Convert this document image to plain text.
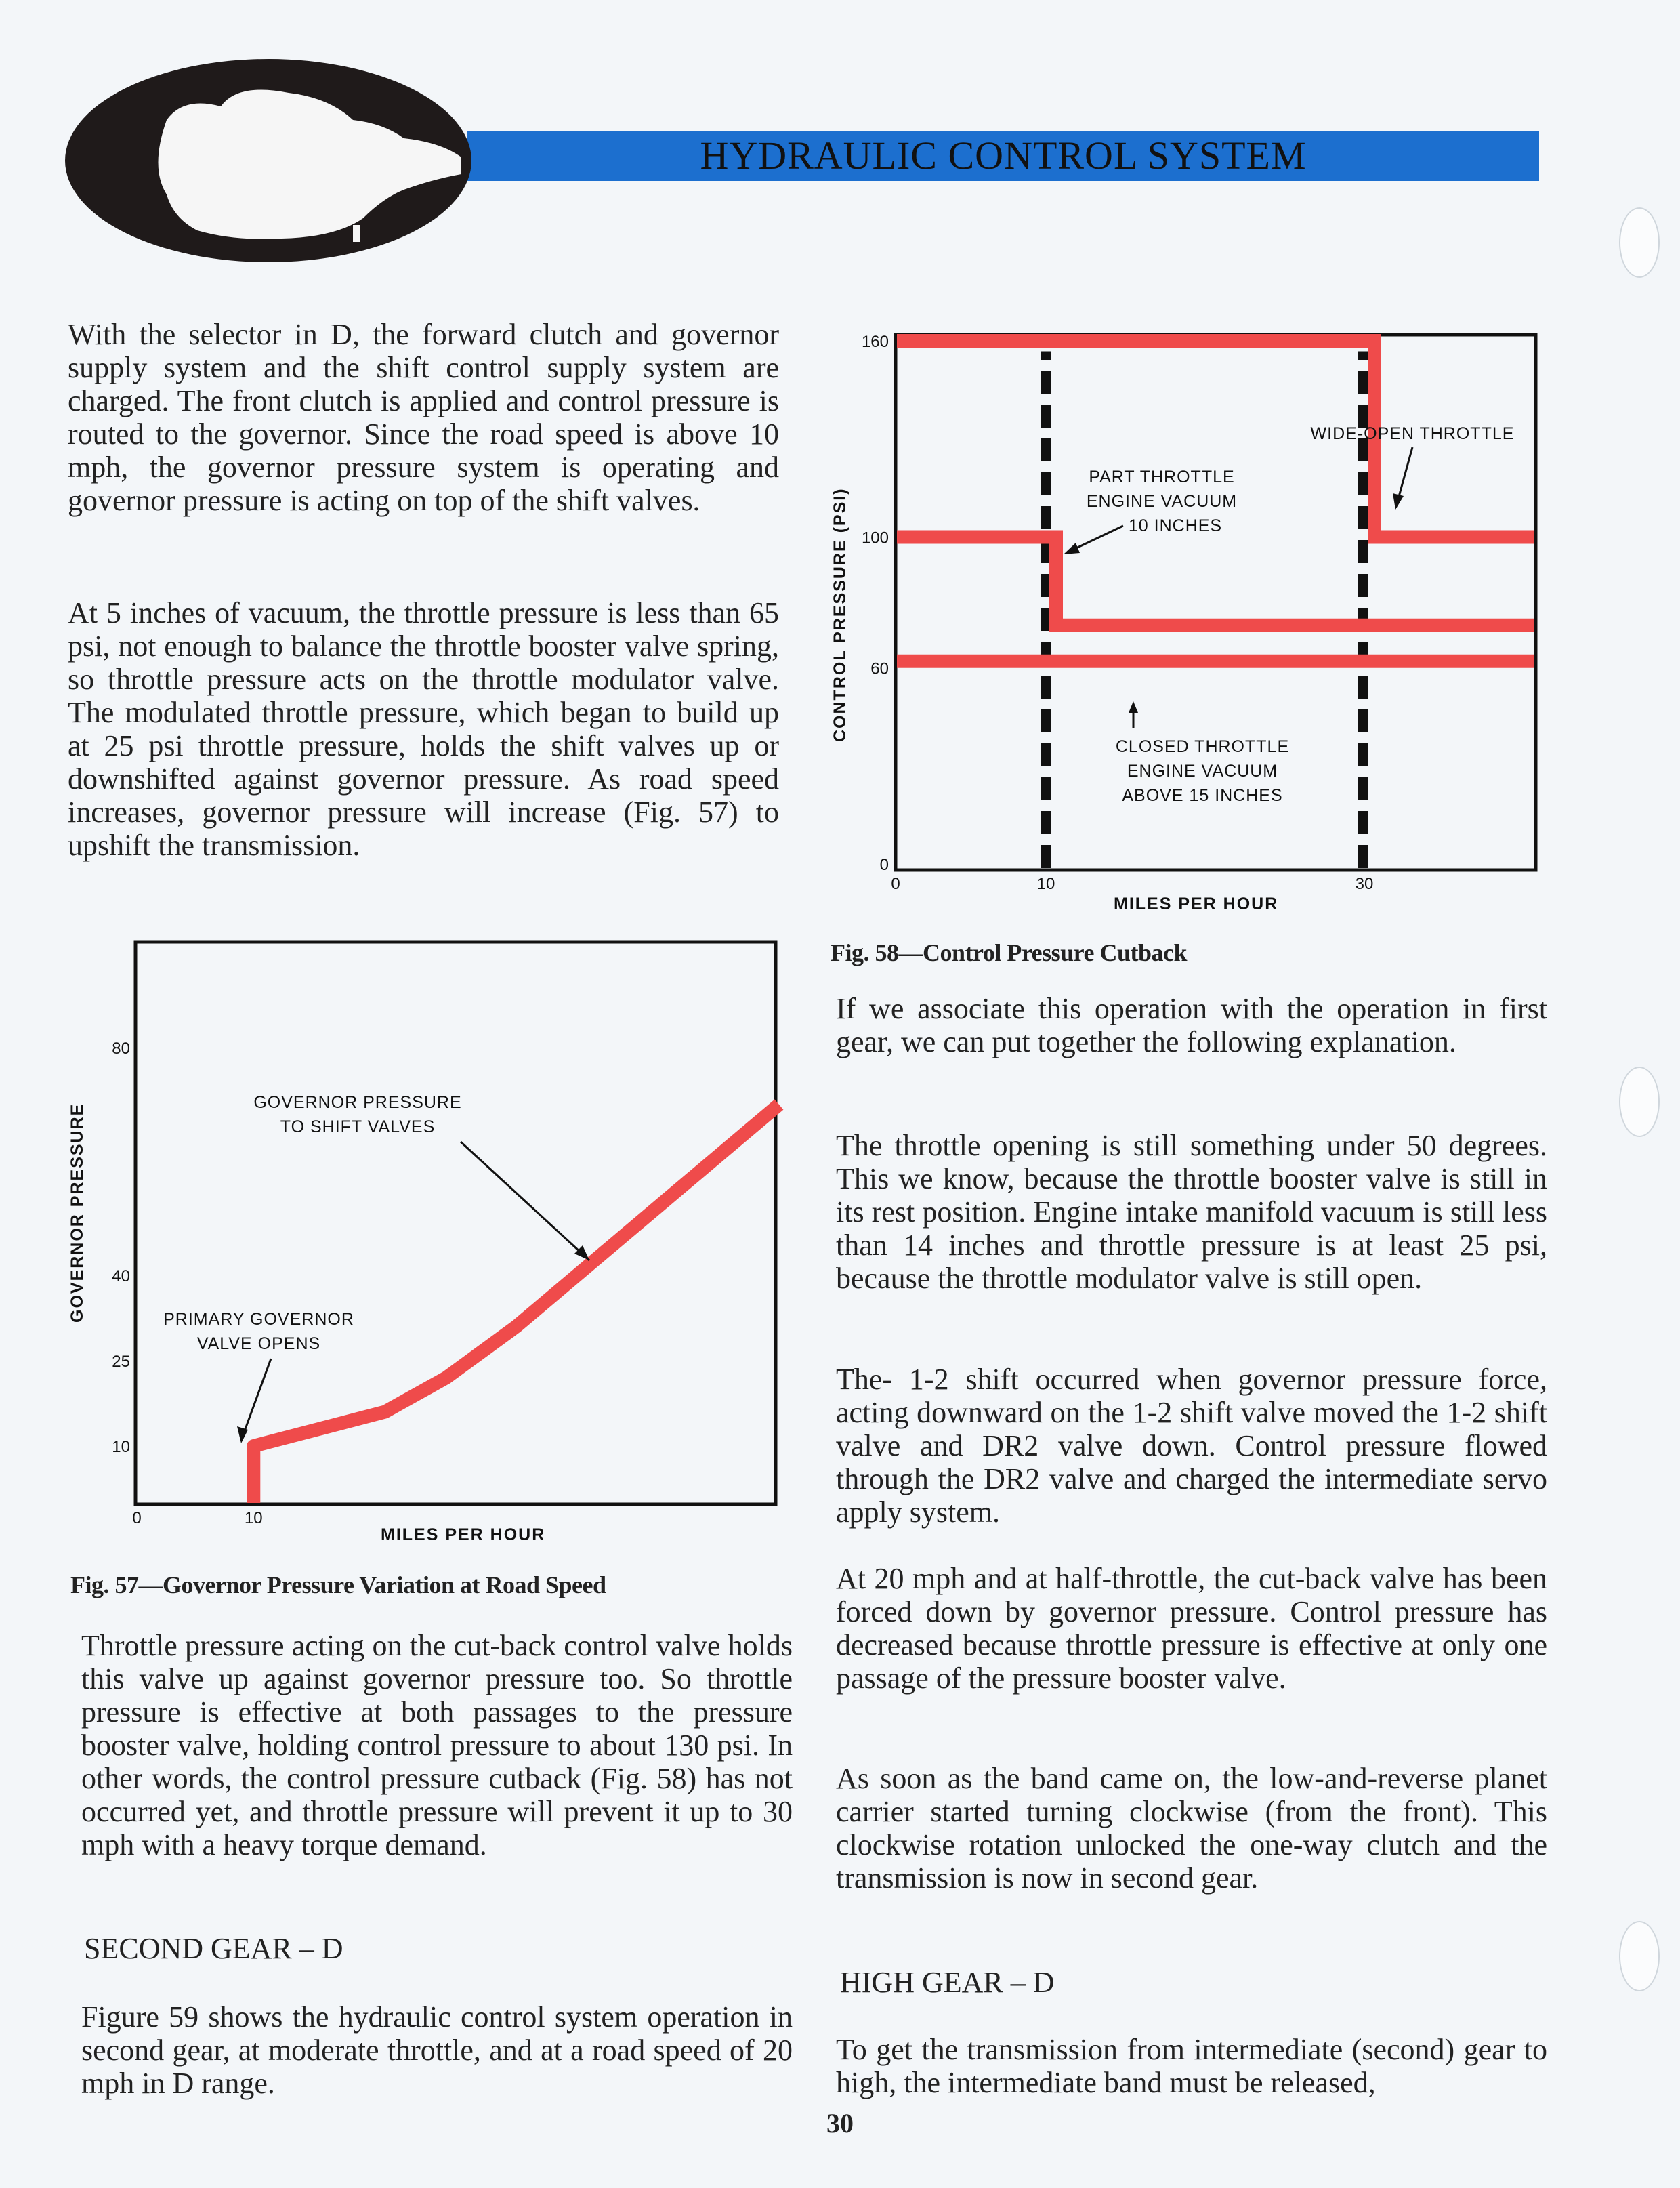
HYDRAULIC CONTROL SYSTEM

With the selector in D, the forward clutch and governor supply system and the shift control supply system are charged. The front clutch is applied and control pressure is routed to the governor. Since the road speed is above 10 mph, the governor pressure system is operating and governor pressure is acting on top of the shift valves.

At 5 inches of vacuum, the throttle pressure is less than 65 psi, not enough to balance the throttle booster valve spring, so throttle pressure acts on the throttle modulator valve. The modulated throttle pressure, which began to build up at 25 psi throttle pressure, holds the shift valves up or downshifted against governor pressure. As road speed increases, governor pressure will increase (Fig. 57) to upshift the transmission.

10
25
40
80
0	10
GOVERNOR PRESSURE
MILES PER HOUR
GOVERNOR PRESSURE
TO SHIFT VALVES
PRIMARY GOVERNOR
VALVE OPENS

Fig. 57—Governor Pressure Variation at Road Speed

Throttle pressure acting on the cut-back control valve holds this valve up against governor pressure too. So throttle pressure is effective at both passages to the pressure booster valve, holding control pressure to about 130 psi. In other words, the control pressure cutback (Fig. 58) has not occurred yet, and throttle pressure will prevent it up to 30 mph with a heavy torque demand.

SECOND GEAR – D

Figure 59 shows the hydraulic control system operation in second gear, at moderate throttle, and at a road speed of 20 mph in D range.

0
60
100
160
0	10	30
CONTROL PRESSURE (PSI)
MILES PER HOUR
WIDE-OPEN THROTTLE
PART THROTTLE
ENGINE VACUUM
10 INCHES
CLOSED THROTTLE
ENGINE VACUUM
ABOVE 15 INCHES

Fig. 58—Control Pressure Cutback

If we associate this operation with the operation in first gear, we can put together the following explanation.

The throttle opening is still something under 50 degrees. This we know, because the throttle booster valve is still in its rest position. Engine intake manifold vacuum is still less than 14 inches and throttle pressure is at least 25 psi, because the throttle modulator valve is still open.

The- 1-2 shift occurred when governor pressure force, acting downward on the 1-2 shift valve moved the 1-2 shift valve and DR2 valve down. Control pressure flowed through the DR2 valve and charged the intermediate servo apply system.

At 20 mph and at half-throttle, the cut-back valve has been forced down by governor pressure. Control pressure has decreased because throttle pressure is effective at only one passage of the pressure booster valve.

As soon as the band came on, the low-and-reverse planet carrier started turning clockwise (from the front). This clockwise rotation unlocked the one-way clutch and the transmission is now in second gear.

HIGH GEAR – D

To get the transmission from intermediate (second) gear to high, the intermediate band must be released,

30
